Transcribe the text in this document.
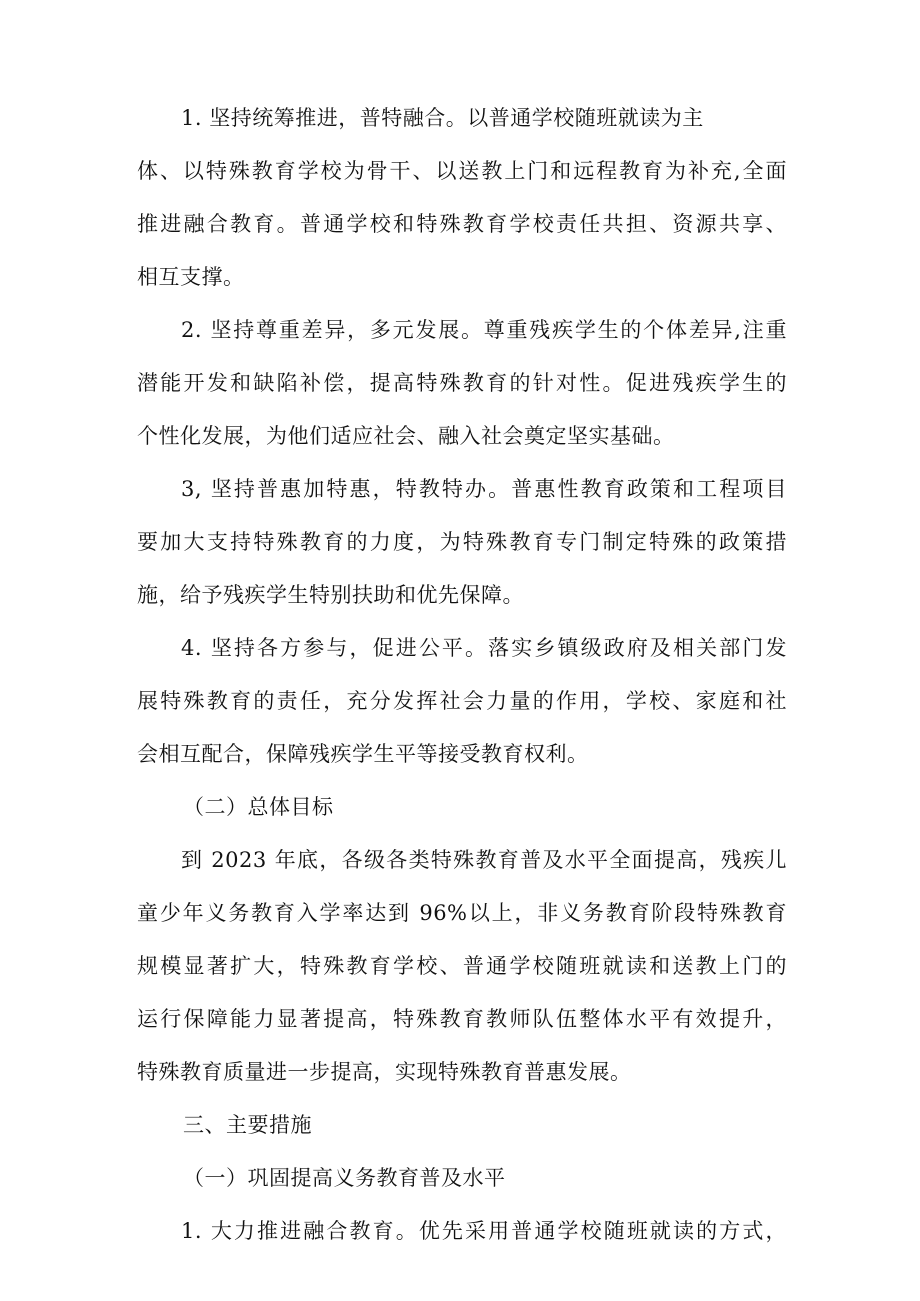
1. 坚持统筹推进，普特融合。以普通学校随班就读为主
体、以特殊教育学校为骨干、以送教上门和远程教育为补充,全面
推进融合教育。普通学校和特殊教育学校责任共担、资源共享、
相互支撑。
2. 坚持尊重差异，多元发展。尊重残疾学生的个体差异,注重
潜能开发和缺陷补偿，提高特殊教育的针对性。促进残疾学生的
个性化发展，为他们适应社会、融入社会奠定坚实基础。
3, 坚持普惠加特惠，特教特办。普惠性教育政策和工程项目
要加大支持特殊教育的力度，为特殊教育专门制定特殊的政策措
施，给予残疾学生特别扶助和优先保障。
4. 坚持各方参与，促进公平。落实乡镇级政府及相关部门发
展特殊教育的责任，充分发挥社会力量的作用，学校、家庭和社
会相互配合，保障残疾学生平等接受教育权利。
（二）总体目标
到 2023 年底，各级各类特殊教育普及水平全面提高，残疾儿
童少年义务教育入学率达到 96%以上，非义务教育阶段特殊教育
规模显著扩大，特殊教育学校、普通学校随班就读和送教上门的
运行保障能力显著提高，特殊教育教师队伍整体水平有效提升，
特殊教育质量进一步提高，实现特殊教育普惠发展。
三、主要措施
（一）巩固提高义务教育普及水平
1. 大力推进融合教育。优先采用普通学校随班就读的方式，
